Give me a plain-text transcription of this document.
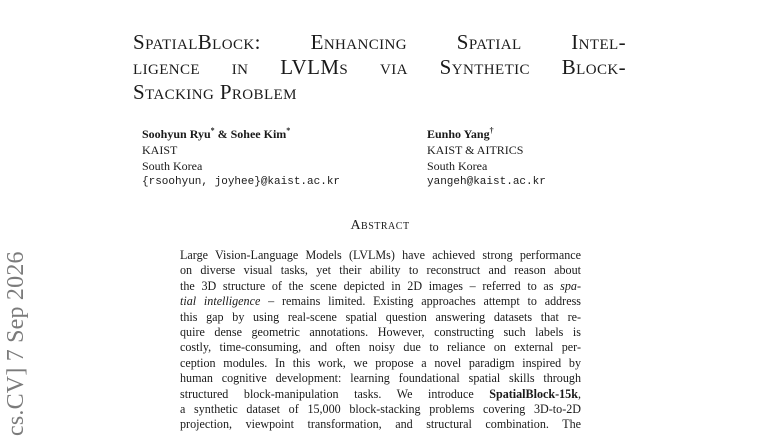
cs.CV] 7 Sep 2026
SpatialBlock: Enhancing Spatial Intel-
ligence in LVLMs via Synthetic Block-
Stacking Problem
Soohyun Ryu* & Sohee Kim*
KAIST
South Korea
{rsoohyun, joyhee}@kaist.ac.kr
Eunho Yang†
KAIST & AITRICS
South Korea
yangeh@kaist.ac.kr
Abstract
Large Vision-Language Models (LVLMs) have achieved strong performance
on diverse visual tasks, yet their ability to reconstruct and reason about
the 3D structure of the scene depicted in 2D images – referred to as spa-
tial intelligence – remains limited. Existing approaches attempt to address
this gap by using real-scene spatial question answering datasets that re-
quire dense geometric annotations. However, constructing such labels is
costly, time-consuming, and often noisy due to reliance on external per-
ception modules. In this work, we propose a novel paradigm inspired by
human cognitive development: learning foundational spatial skills through
structured block-manipulation tasks. We introduce SpatialBlock-15k,
a synthetic dataset of 15,000 block-stacking problems covering 3D-to-2D
projection, viewpoint transformation, and structural combination. The
